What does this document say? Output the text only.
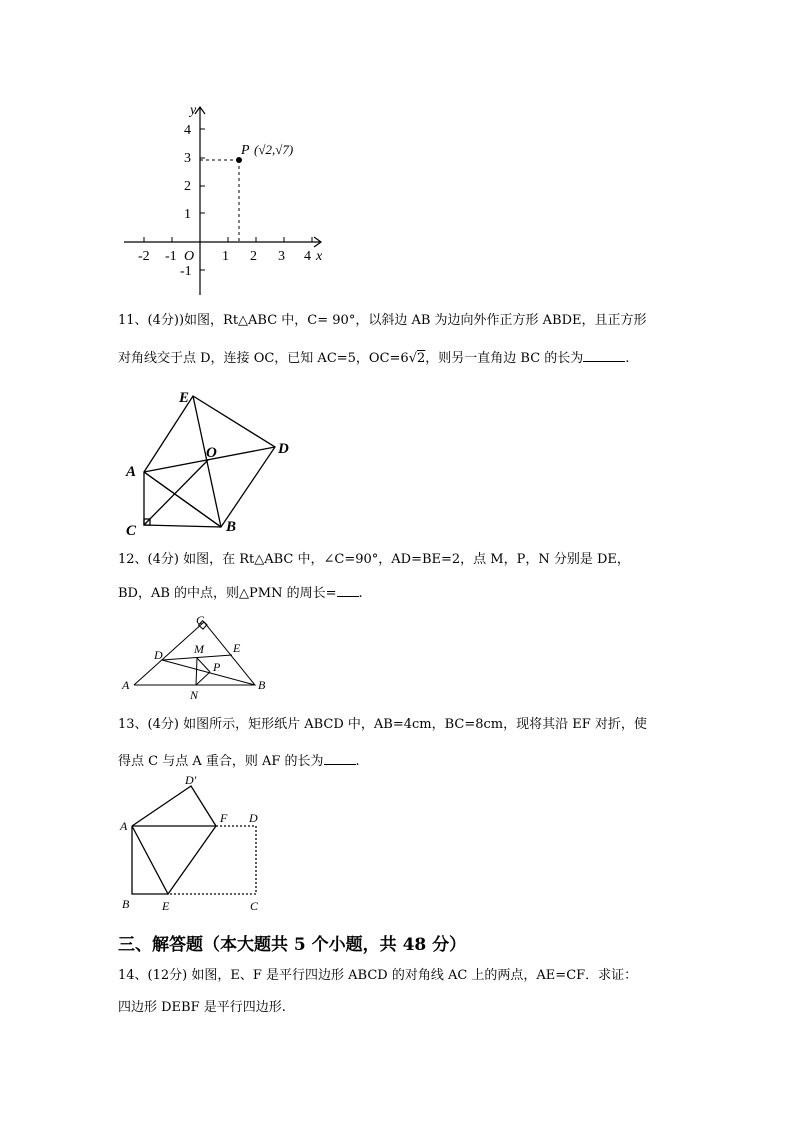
-2 -1 O 1 2 3 4 x
4
3
2
1
-1
y
P (√2,√7)
11、(4分))如图，Rt△ABC 中，C= 90°，以斜边 AB 为边向外作正方形 ABDE，且正方形
对角线交于点 D，连接 OC，已知 AC=5，OC=6√2，则另一直角边 BC 的长为	.
E
D
O
A
C	B
12、(4分) 如图，在 Rt△ABC 中，∠C=90°，AD=BE=2，点 M，P，N 分别是 DE，
BD，AB 的中点，则△PMN 的周长= .
C
E
D	M
P
A
N
B
13、(4分) 如图所示，矩形纸片 ABCD 中，AB=4cm，BC=8cm，现将其沿 EF 对折，使
得点 C 与点 A 重合，则 AF 的长为 .
D′
A
F D
B	E	C
三、解答题（本大题共 5 个小题，共 48 分）
14、(12分) 如图，E、F 是平行四边形 ABCD 的对角线 AC 上的两点，AE=CF．求证：
四边形 DEBF 是平行四边形.
